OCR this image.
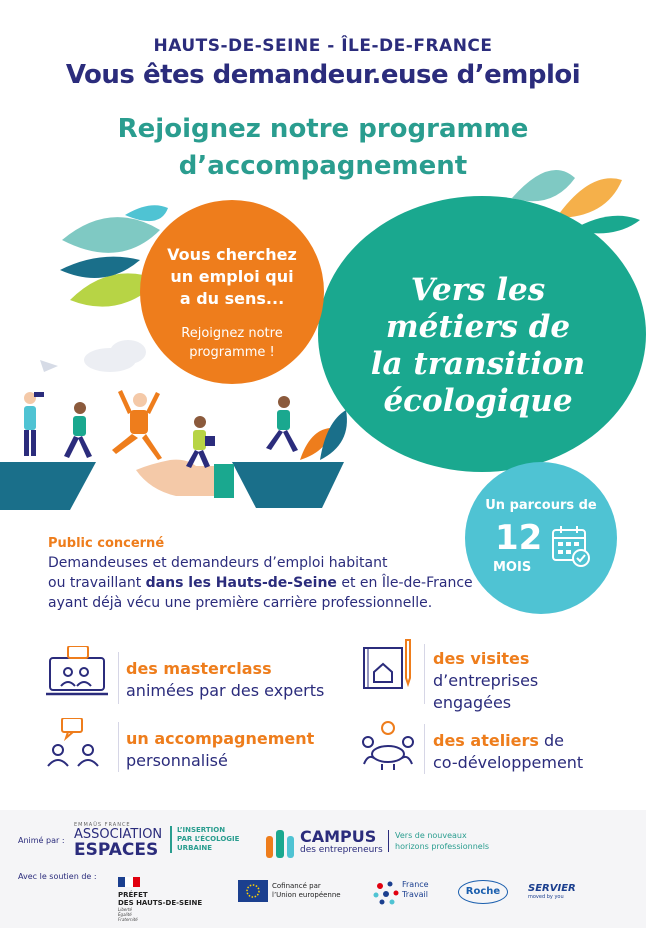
HAUTS-DE-SEINE - ÎLE-DE-FRANCE
Vous êtes demandeur.euse d’emploi
Rejoignez notre programme
d’accompagnement
Vers les
métiers de
la transition
écologique
Vous cherchez
un emploi qui
a du sens...
Rejoignez notre
programme !
Un parcours de
12
MOIS
Public concerné
Demandeuses et demandeurs d’emploi habitant
ou travaillant dans les Hauts-de-Seine et en Île-de-France
ayant déjà vécu une première carrière professionnelle.
des masterclass
animées par des experts
des visites
d’entreprises
engagées
un accompagnement
personnalisé
des ateliers de
co-développement
Animé par :
EMMAÜS FRANCE
ASSOCIATION
ESPACES
L’INSERTION
PAR L’ÉCOLOGIE
URBAINE
CAMPUS
des entrepreneurs
Vers de nouveaux
horizons professionnels
Avec le soutien de :
PRÉFET
DES HAUTS-DE-SEINE
Liberté
Égalité
Fraternité
Cofinancé par
l’Union européenne
France
Travail	Roche	SERVIER
moved by you
